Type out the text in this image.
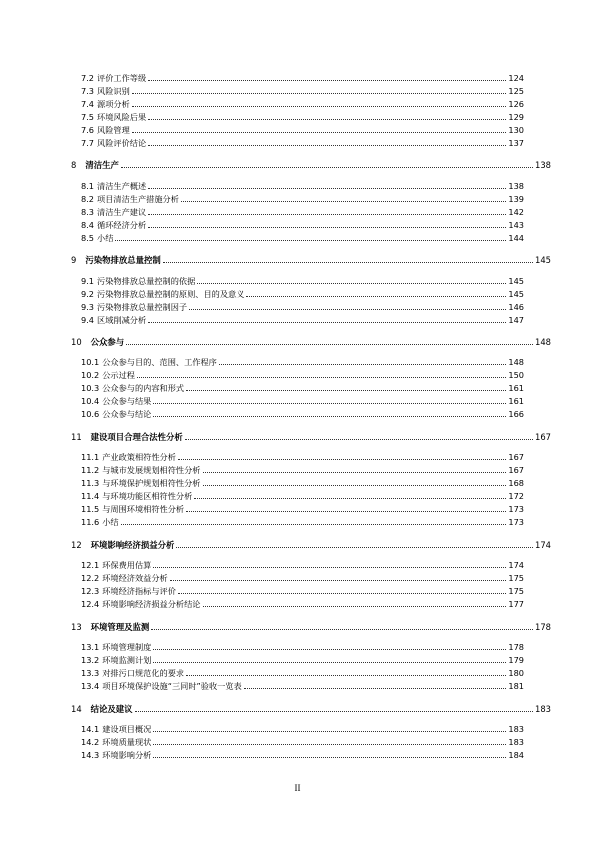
7.2 评价工作等级	124
7.3 风险识别	125
7.4 源项分析	126
7.5 环境风险后果	129
7.6 风险管理	130
7.7 风险评价结论	137
8 清洁生产	138
8.1 清洁生产概述	138
8.2 项目清洁生产措施分析	139
8.3 清洁生产建议	142
8.4 循环经济分析	143
8.5 小结	144
9 污染物排放总量控制	145
9.1 污染物排放总量控制的依据	145
9.2 污染物排放总量控制的原则、目的及意义	145
9.3 污染物排放总量控制因子	146
9.4 区域削减分析	147
10 公众参与	148
10.1 公众参与目的、范围、工作程序	148
10.2 公示过程	150
10.3 公众参与的内容和形式	161
10.4 公众参与结果	161
10.6 公众参与结论	166
11 建设项目合理合法性分析	167
11.1 产业政策相符性分析	167
11.2 与城市发展规划相符性分析	167
11.3 与环境保护规划相符性分析	168
11.4 与环境功能区相符性分析	172
11.5 与周围环境相符性分析	173
11.6 小结	173
12 环境影响经济损益分析	174
12.1 环保费用估算	174
12.2 环境经济效益分析	175
12.3 环境经济指标与评价	175
12.4 环境影响经济损益分析结论	177
13 环境管理及监测	178
13.1 环境管理制度	178
13.2 环境监测计划	179
13.3 对排污口规范化的要求	180
13.4 项目环境保护设施“三同时”验收一览表	181
14 结论及建议	183
14.1 建设项目概况	183
14.2 环境质量现状	183
14.3 环境影响分析	184
II
